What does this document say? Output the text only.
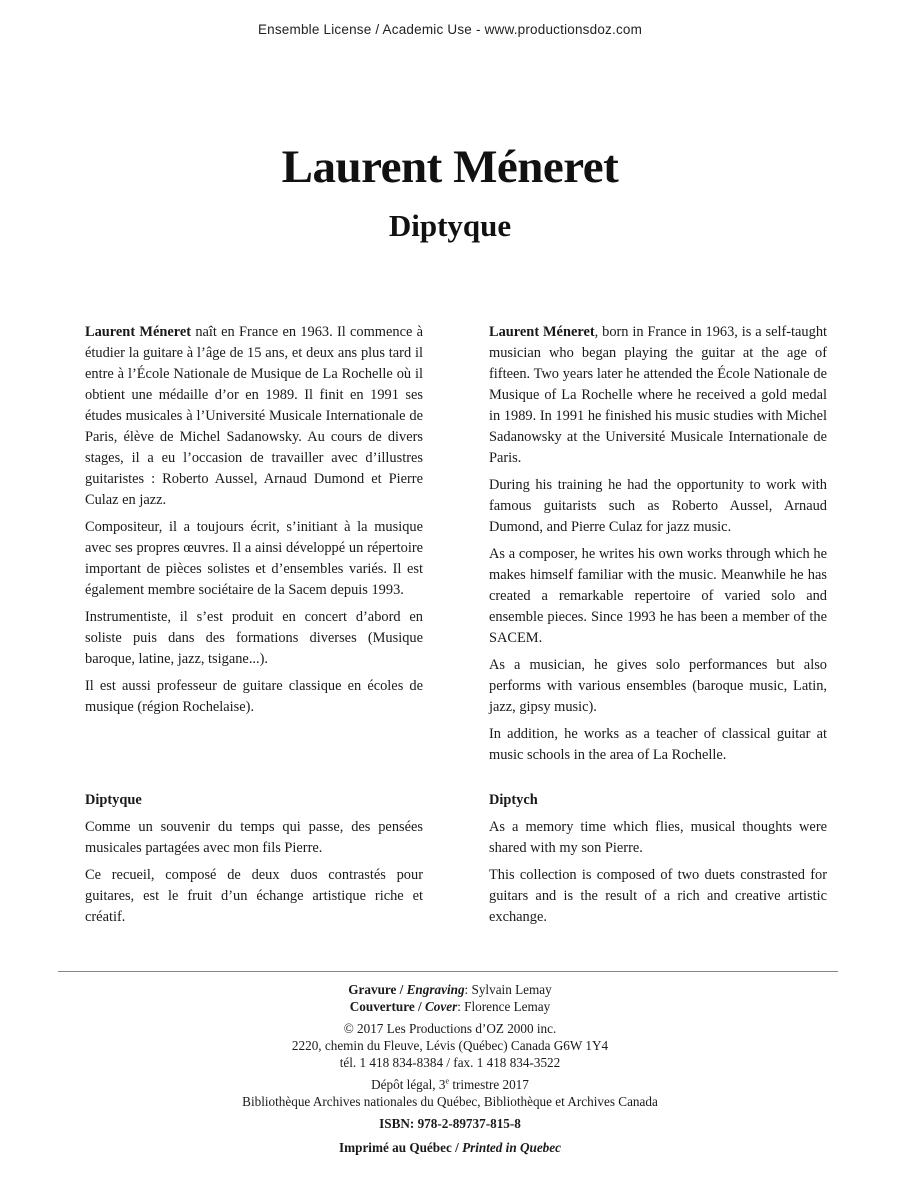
Ensemble License / Academic Use - www.productionsdoz.com
Laurent Méneret
Diptyque

Laurent Méneret naît en France en 1963. Il commence à étudier la guitare à l’âge de 15 ans, et deux ans plus tard il entre à l’École Nationale de Musique de La Rochelle où il obtient une médaille d’or en 1989. Il finit en 1991 ses études musicales à l’Université Musicale Internationale de Paris, élève de Michel Sadanowsky. Au cours de divers stages, il a eu l’occasion de travailler avec d’illustres guitaristes : Roberto Aussel, Arnaud Dumond et Pierre Culaz en jazz.

Compositeur, il a toujours écrit, s’initiant à la musique avec ses propres œuvres. Il a ainsi développé un répertoire important de pièces solistes et d’ensembles variés. Il est également membre sociétaire de la Sacem depuis 1993.

Instrumentiste, il s’est produit en concert d’abord en soliste puis dans des formations diverses (Musique baroque, latine, jazz, tsigane...).

Il est aussi professeur de guitare classique en écoles de musique (région Rochelaise).

Laurent Méneret, born in France in 1963, is a self-taught musician who began playing the guitar at the age of fifteen. Two years later he attended the École Nationale de Musique of La Rochelle where he received a gold medal in 1989. In 1991 he finished his music studies with Michel Sadanowsky at the Université Musicale Internationale de Paris.

During his training he had the opportunity to work with famous guitarists such as Roberto Aussel, Arnaud Dumond, and Pierre Culaz for jazz music.

As a composer, he writes his own works through which he makes himself familiar with the music. Meanwhile he has created a remarkable repertoire of varied solo and ensemble pieces. Since 1993 he has been a member of the SACEM.

As a musician, he gives solo performances but also performs with various ensembles (baroque music, Latin, jazz, gipsy music).

In addition, he works as a teacher of classical guitar at music schools in the area of La Rochelle.

Diptyque

Comme un souvenir du temps qui passe, des pensées musicales partagées avec mon fils Pierre.

Ce recueil, composé de deux duos contrastés pour guitares, est le fruit d’un échange artistique riche et créatif.

Diptych

As a memory time which flies, musical thoughts were shared with my son Pierre.

This collection is composed of two duets constrasted for guitars and is the result of a rich and creative artistic exchange.

Gravure / Engraving: Sylvain Lemay
Couverture / Cover: Florence Lemay
© 2017 Les Productions d’OZ 2000 inc.
2220, chemin du Fleuve, Lévis (Québec) Canada G6W 1Y4
tél. 1 418 834-8384 / fax. 1 418 834-3522
Dépôt légal, 3e trimestre 2017
Bibliothèque Archives nationales du Québec, Bibliothèque et Archives Canada
ISBN: 978-2-89737-815-8
Imprimé au Québec / Printed in Quebec
